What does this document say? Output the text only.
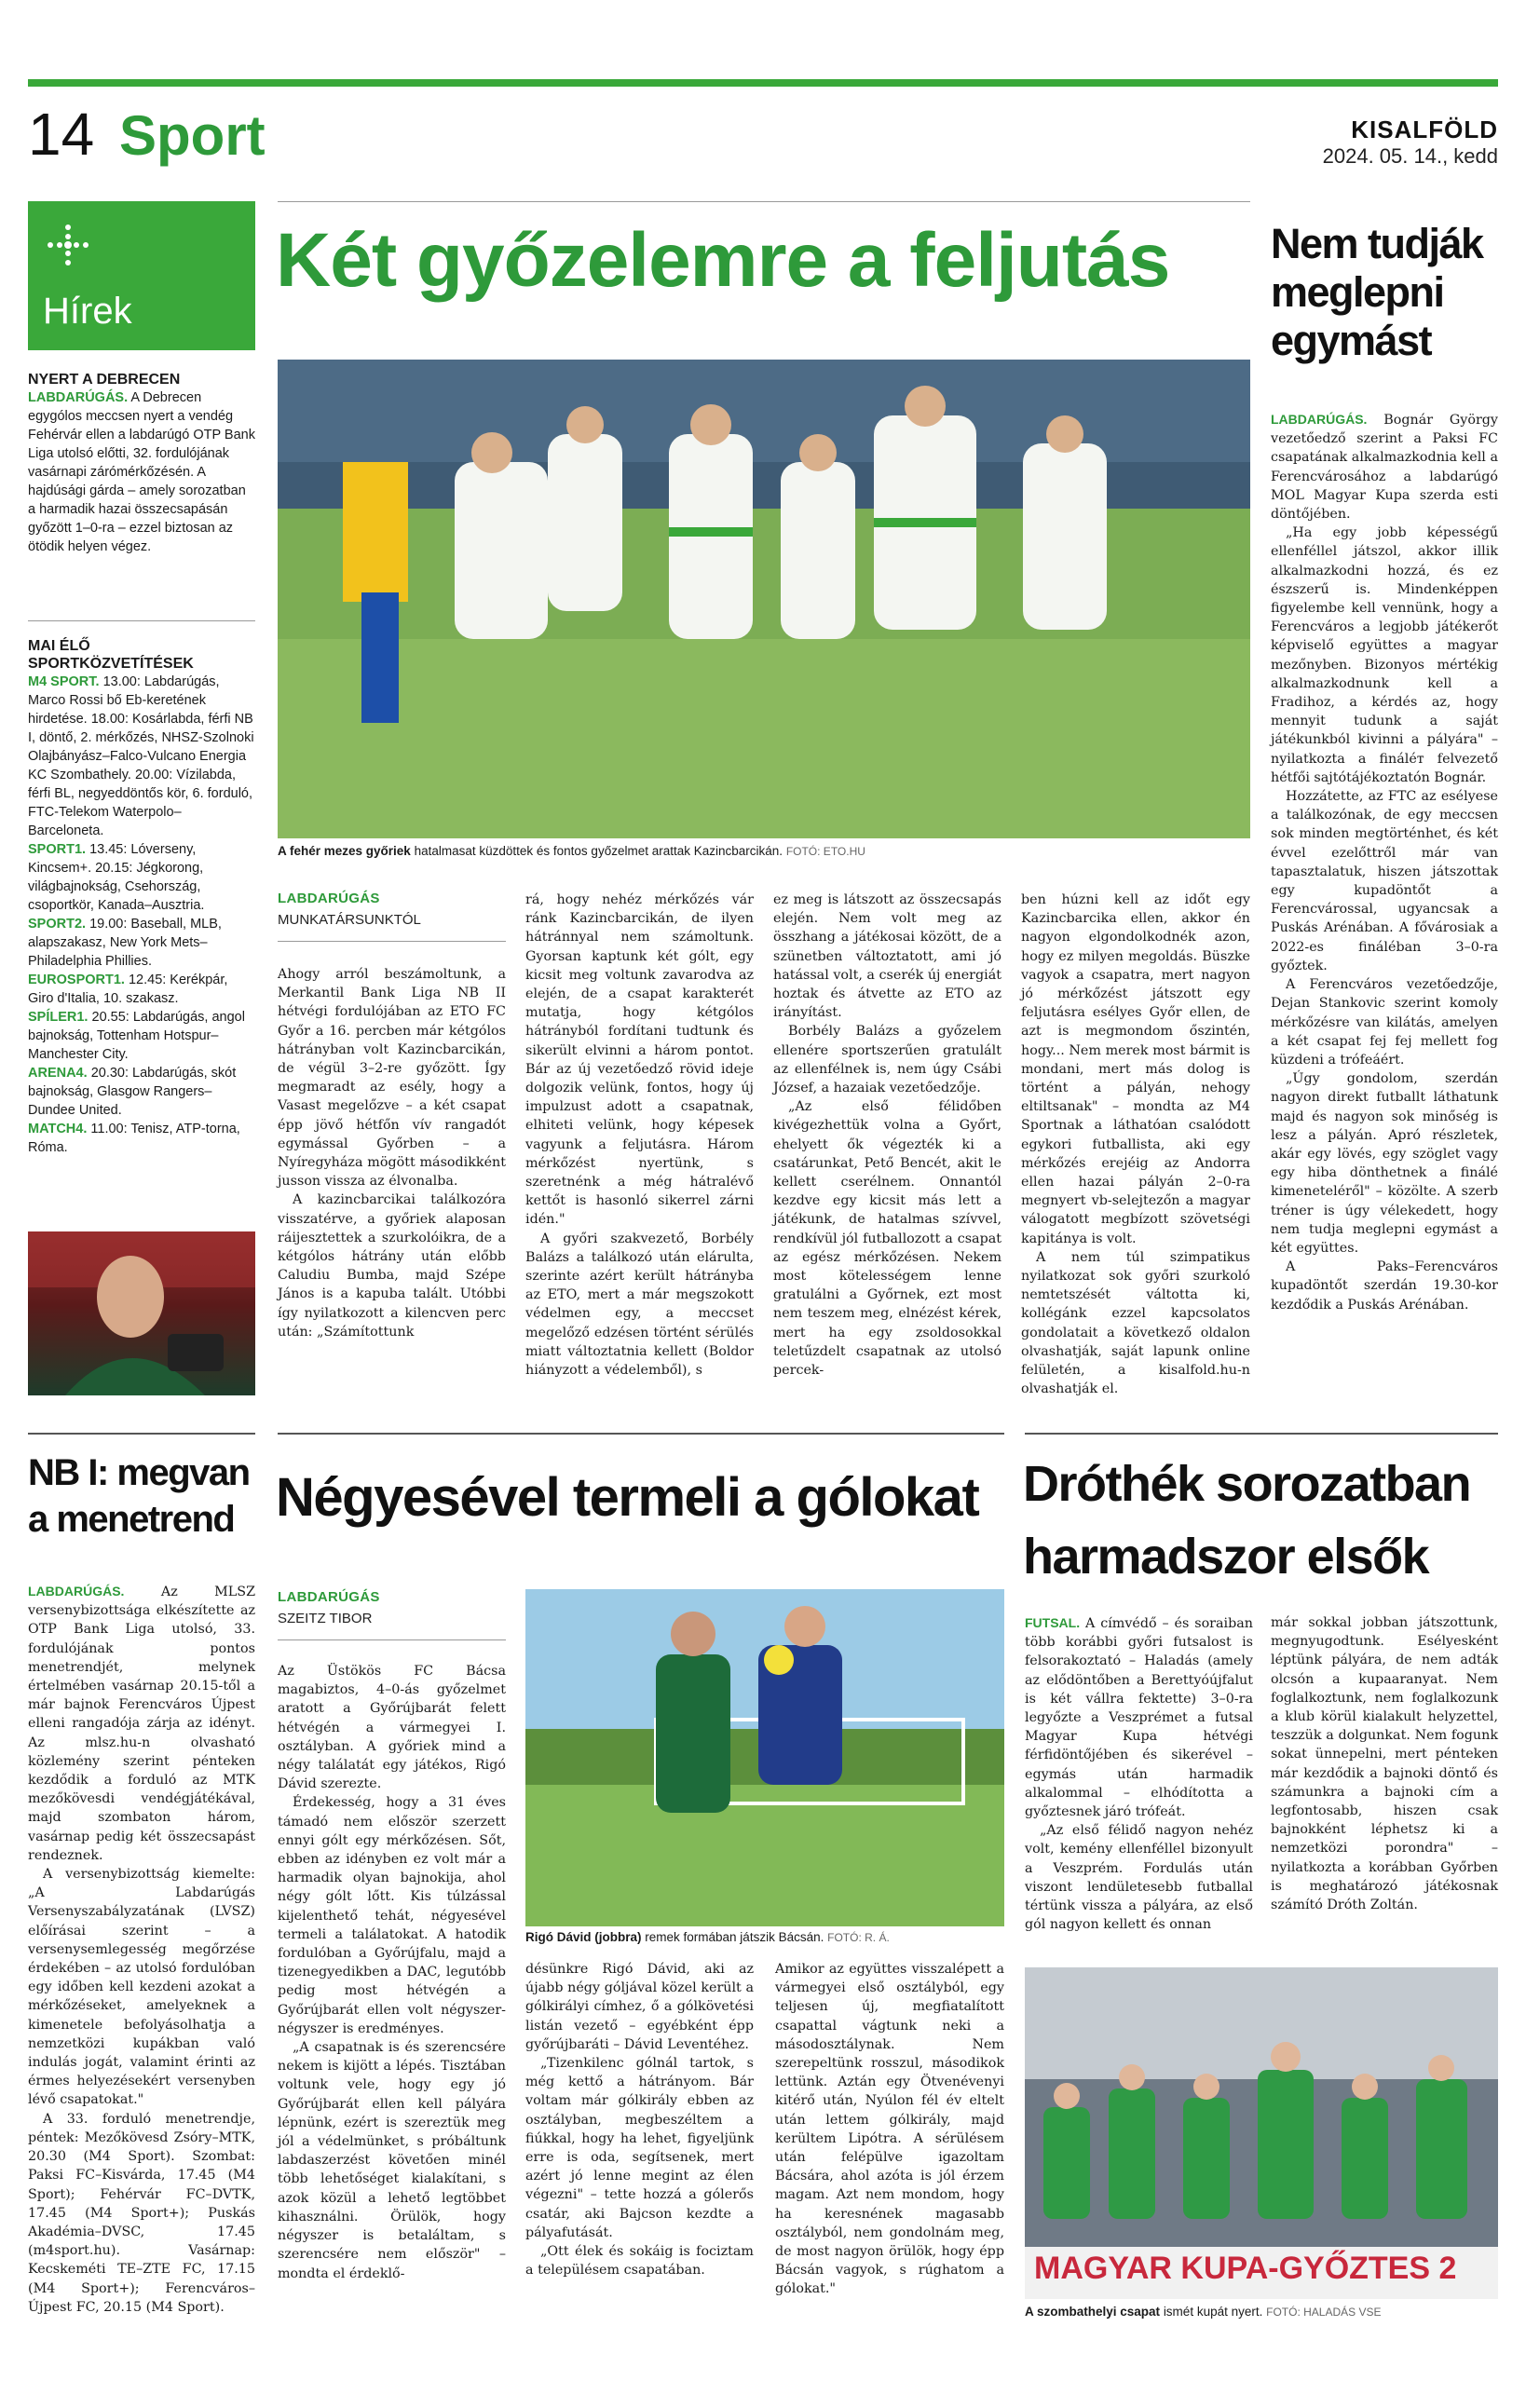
14 Sport	KISALFÖLD
2024. 05. 14., kedd
Hírek
NYERT A DEBRECEN
LABDARÚGÁS. A Debrecen egygólos meccsen nyert a vendég Fehérvár ellen a labdarúgó OTP Bank Liga utolsó előtti, 32. fordulójának vasárnapi zárómérkőzésén. A hajdúsági gárda – amely sorozatban a harmadik hazai összecsapásán győzött 1–0-ra – ezzel biztosan az ötödik helyen végez.
MAI ÉLŐ SPORTKÖZVETÍTÉSEK
M4 SPORT. 13.00: Labdarúgás, Marco Rossi bő Eb-keretének hirdetése. 18.00: Kosárlabda, férfi NB I, döntő, 2. mérkőzés, NHSZ-Szolnoki Olajbányász–Falco-Vulcano Energia KC Szombathely. 20.00: Vízilabda, férfi BL, negyeddöntős kör, 6. forduló, FTC-Telekom Waterpolo–Barceloneta.
SPORT1. 13.45: Lóverseny, Kincsem+. 20.15: Jégkorong, világbajnokság, Csehország, csoportkör, Kanada–Ausztria.
SPORT2. 19.00: Baseball, MLB, alapszakasz, New York Mets–Philadelphia Phillies.
EUROSPORT1. 12.45: Kerékpár, Giro d'Italia, 10. szakasz.
SPÍLER1. 20.55: Labdarúgás, angol bajnokság, Tottenham Hotspur–Manchester City.
ARENA4. 20.30: Labdarúgás, skót bajnokság, Glasgow Rangers–Dundee United.
MATCH4. 11.00: Tenisz, ATP-torna, Róma.
Két győzelemre a feljutás
A fehér mezes győriek hatalmasat küzdöttek és fontos győzelmet arattak Kazincbarcikán. FOTÓ: ETO.HU
LABDARÚGÁS
MUNKATÁRSUNKTÓL

Ahogy arról beszámoltunk, a Merkantil Bank Liga NB II hétvégi fordulójában az ETO FC Győr a 16. percben már kétgólos hátrányban volt Kazincbarcikán, de végül 3–2-re győzött. Így megmaradt az esély, hogy a Vasast megelőzve – a két csapat épp jövő hétfőn vív rangadót egymással Győrben – a Nyíregyháza mögött másodikként jusson vissza az élvonalba.

A kazincbarcikai találkozóra visszatérve, a győriek alaposan ráijesztettek a szurkolóikra, de a kétgólos hátrány után előbb Caludiu Bumba, majd Szépe János is a kapuba talált. Utóbbi így nyilatkozott a kilencven perc után: „Számítottunk

rá, hogy nehéz mérkőzés vár ránk Kazincbarcikán, de ilyen hátránnyal nem számoltunk. Gyorsan kaptunk két gólt, egy kicsit meg voltunk zavarodva az elején, de a csapat karakterét mutatja, hogy kétgólos hátrányból fordítani tudtunk és sikerült elvinni a három pontot. Bár az új vezetőedző rövid ideje dolgozik velünk, fontos, hogy új impulzust adott a csapatnak, elhiteti velünk, hogy képesek vagyunk a feljutásra. Három mérkőzést nyertünk, s szeretnénk a még hátralévő kettőt is hasonló sikerrel zárni idén."

A győri szakvezető, Borbély Balázs a találkozó után elárulta, szerinte azért került hátrányba az ETO, mert a már megszokott védelmen egy, a meccset megelőző edzésen történt sérülés miatt változtatnia kellett (Boldor hiányzott a védelemből), s

ez meg is látszott az összecsapás elején. Nem volt meg az összhang a játékosai között, de a szünetben változtatott, ami jó hatással volt, a cserék új energiát hoztak és átvette az ETO az irányítást.

Borbély Balázs a győzelem ellenére sportszerűen gratulált az ellenfélnek is, nem úgy Csábi József, a hazaiak vezetőedzője.

„Az első félidőben kivégezhettük volna a Győrt, ehelyett ők végezték ki a csatárunkat, Pető Bencét, akit le kellett cserélnem. Onnantól kezdve egy kicsit más lett a játékunk, de hatalmas szívvel, rendkívül jól futballozott a csapat az egész mérkőzésen. Nekem most kötelességem lenne gratulálni a Győrnek, ezt most nem teszem meg, elnézést kérek, mert ha egy zsoldosokkal teletűzdelt csapatnak az utolsó percek-

ben húzni kell az időt egy Kazincbarcika ellen, akkor én nagyon elgondolkodnék azon, hogy ez milyen megoldás. Büszke vagyok a csapatra, mert nagyon jó mérkőzést játszott egy feljutásra esélyes Győr ellen, de azt is megmondom őszintén, hogy... Nem merek most bármit is mondani, mert más dolog is történt a pályán, nehogy eltiltsanak" – mondta az M4 Sportnak a láthatóan csalódott egykori futballista, aki egy mérkőzés erejéig az Andorra ellen hazai pályán 2–0-ra megnyert vb-selejtezőn a magyar válogatott megbízott szövetségi kapitánya is volt.

A nem túl szimpatikus nyilatkozat sok győri szurkoló nemtetszését váltotta ki, kollégánk ezzel kapcsolatos gondolatait a következő oldalon olvashatják, saját lapunk online felületén, a kisalfold.hu-n olvashatják el.

Nem tudják meglepni egymást

LABDARÚGÁS. Bognár György vezetőedző szerint a Paksi FC csapatának alkalmazkodnia kell a Ferencvárosához a labdarúgó MOL Magyar Kupa szerda esti döntőjében.

„Ha egy jobb képességű ellenféllel játszol, akkor illik alkalmazkodni hozzá, és ez észszerű is. Mindenképpen figyelembe kell vennünk, hogy a Ferencváros a legjobb játékerőt képviselő együttes a magyar mezőnyben. Bizonyos mértékig alkalmazkodnunk kell a Fradihoz, a kérdés az, hogy mennyit tudunk a saját játékunkból kivinni a pályára" – nyilatkozta a fináléт felvezető hétfői sajtótájékoztatón Bognár.

Hozzátette, az FTC az esélyese a találkozónak, de egy meccsen sok minden megtörténhet, és két évvel ezelőttről már van tapasztalatuk, hiszen játszottak egy kupadöntőt a Ferencvárossal, ugyancsak a Puskás Arénában. A fővárosiak a 2022-es fináléban 3–0-ra győztek.

A Ferencváros vezetőedzője, Dejan Stankovic szerint komoly mérkőzésre van kilátás, amelyen a két csapat fej fej mellett fog küzdeni a trófeáért.

„Úgy gondolom, szerdán nagyon direkt futballt láthatunk majd és nagyon sok minőség is lesz a pályán. Apró részletek, akár egy lövés, egy szöglet vagy egy hiba dönthetnek a finálé kimeneteléről" – közölte. A szerb tréner is úgy vélekedett, hogy nem tudja meglepni egymást a két együttes.

A Paks–Ferencváros kupadöntőt szerdán 19.30-kor kezdődik a Puskás Arénában.

NB I: megvan a menetrend

LABDARÚGÁS.	Az MLSZ versenybizottsága elkészítette az OTP Bank Liga utolsó, 33. fordulójának pontos menetrendjét, melynek értelmében vasárnap 20.15-től a már bajnok Ferencváros Újpest elleni rangadója zárja az idényt. Az mlsz.hu-n olvasható közlemény szerint pénteken kezdődik a forduló az MTK mezőkövesdi vendégjátékával, majd szombaton három, vasárnap pedig két összecsapást rendeznek.

A versenybizottság kiemelte: „A Labdarúgás Versenyszabályzatának (LVSZ) előírásai szerint – a versenysemlegesség megőrzése érdekében – az utolsó fordulóban egy időben kell kezdeni azokat a mérkőzéseket, amelyeknek a kimenetele befolyásolhatja a nemzetközi kupákban való indulás jogát, valamint érinti az érmes helyezésekért versenyben lévő csapatokat."

A 33. forduló menetrendje, péntek: Mezőkövesd Zsóry–MTK, 20.30 (M4 Sport). Szombat: Paksi FC–Kisvárda, 17.45 (M4 Sport); Fehérvár FC–DVTK, 17.45 (M4 Sport+); Puskás Akadémia–DVSC, 17.45 (m4sport.hu). Vasárnap: Kecskeméti TE–ZTE FC, 17.15 (M4 Sport+); Ferencváros–Újpest FC, 20.15 (M4 Sport).

Négyesével termeli a gólokat
LABDARÚGÁS
SZEITZ TIBOR
Rigó Dávid (jobbra) remek formában játszik Bácsán. FOTÓ: R. Á.

Az Üstökös FC Bácsa magabiztos, 4–0-ás győzelmet aratott a Győrújbarát felett hétvégén a vármegyei I. osztályban. A győriek mind a négy találatát egy játékos, Rigó Dávid szerezte.

Érdekesség, hogy a 31 éves támadó nem először szerzett ennyi gólt egy mérkőzésen. Sőt, ebben az idényben ez volt már a harmadik olyan bajnokija, ahol négy gólt lőtt. Kis túlzással kijelenthető tehát, négyesével termeli a találatokat. A hatodik fordulóban a Győrújfalu, majd a tizenegyedikben a DAC, legutóbb pedig most hétvégén a Győrújbarát ellen volt négyszer-négyszer is eredményes.

„A csapatnak is és szerencsére nekem is kijött a lépés. Tisztában voltunk vele, hogy egy jó Győrújbarát ellen kell pályára lépnünk, ezért is szereztük meg jól a védelmünket, s próbáltunk labdaszerzést követően minél több lehetőséget kialakítani, s azok közül a lehető legtöbbet kihasználni. Örülök, hogy négyszer is betaláltam, s szerencsére nem először" – mondta el érdeklő-

désünkre Rigó Dávid, aki az újabb négy góljával közel került a gólkirályi címhez, ő a gólkövetési listán vezető – egyébként épp győrújbaráti – Dávid Leventéhez.

„Tizenkilenc gólnál tartok, s még kettő a hátrányom. Bár voltam már gólkirály ebben az osztályban, megbeszéltem a fiúkkal, hogy ha lehet, figyeljünk erre is oda, segítsenek, mert azért jó lenne megint az élen végezni" – tette hozzá a gólerős csatár, aki Bajcson kezdte a pályafutását.

„Ott élek és sokáig is fociztam a településem csapatában.

Amikor az együttes visszalépett a vármegyei első osztályból, egy teljesen új, megfiatalított csapattal vágtunk neki a másodosztálynak. Nem szerepeltünk rosszul, másodikok lettünk. Aztán egy Ötvenévenyi kitérő után, Nyúlon fél év eltelt után lettem gólkirály, majd kerültem Lipótra. A sérülésem után felépülve igazoltam Bácsára, ahol azóta is jól érzem magam. Azt nem mondom, hogy ha keresnének magasabb osztályból, nem gondolnám meg, de most nagyon örülök, hogy épp Bácsán vagyok, s rúghatom a gólokat."

Dróthék sorozatban harmadszor elsők

FUTSAL. A címvédő – és soraiban több korábbi győri futsalost is felsorakoztató – Haladás (amely az elődöntőben a Berettyóújfalut is két vállra fektette) 3–0-ra legyőzte a Veszprémet a futsal Magyar Kupa hétvégi férfidöntőjében és sikerével – egymás után harmadik alkalommal – elhódította a győztesnek járó trófeát.

„Az első félidő nagyon nehéz volt, kemény ellenféllel bizonyult a Veszprém. Fordulás után viszont lendületesebb futballal tértünk vissza a pályára, az első gól nagyon kellett és onnan

már sokkal jobban játszottunk, megnyugodtunk. Esélyesként léptünk pályára, de nem adták olcsón a kupaaranyat. Nem foglalkoztunk, nem foglalkozunk a klub körül kialakult helyzettel, teszzük a dolgunkat. Nem fogunk sokat ünnepelni, mert pénteken már kezdődik a bajnoki döntő és számunkra a bajnoki cím a legfontosabb, hiszen csak bajnokként léphetsz ki a nemzetközi porondra" – nyilatkozta a korábban Győrben is meghatározó játékosnak számító Dróth Zoltán.

MAGYAR KUPA-GYŐZTES 2
A szombathelyi csapat ismét kupát nyert. FOTÓ: HALADÁS VSE
